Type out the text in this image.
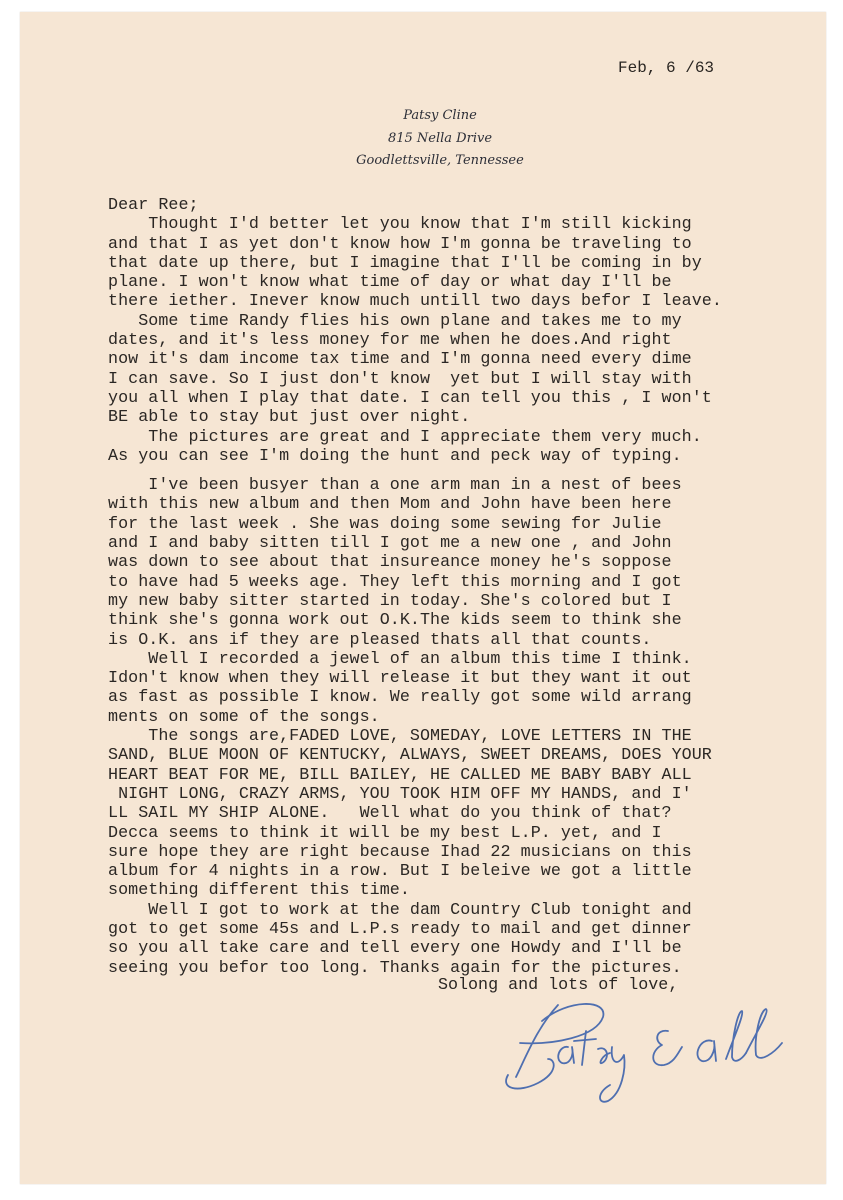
Feb, 6 /63
Patsy Cline
815 Nella Drive
Goodlettsville, Tennessee
Dear Ree;
Thought I'd better let you know that I'm still kicking
and that I as yet don't know how I'm gonna be traveling to
that date up there, but I imagine that I'll be coming in by
plane. I won't know what time of day or what day I'll be
there iether. Inever know much untill two days befor I leave.
Some time Randy flies his own plane and takes me to my
dates, and it's less money for me when he does.And right
now it's dam income tax time and I'm gonna need every dime
I can save. So I just don't know  yet but I will stay with
you all when I play that date. I can tell you this , I won't
BE able to stay but just over night.
The pictures are great and I appreciate them very much.
As you can see I'm doing the hunt and peck way of typing.
I've been busyer than a one arm man in a nest of bees
with this new album and then Mom and John have been here
for the last week . She was doing some sewing for Julie
and I and baby sitten till I got me a new one , and John
was down to see about that insureance money he's soppose
to have had 5 weeks age. They left this morning and I got
my new baby sitter started in today. She's colored but I
think she's gonna work out O.K.The kids seem to think she
is O.K. ans if they are pleased thats all that counts.
Well I recorded a jewel of an album this time I think.
Idon't know when they will release it but they want it out
as fast as possible I know. We really got some wild arrang
ments on some of the songs.
The songs are,FADED LOVE, SOMEDAY, LOVE LETTERS IN THE
SAND, BLUE MOON OF KENTUCKY, ALWAYS, SWEET DREAMS, DOES YOUR
HEART BEAT FOR ME, BILL BAILEY, HE CALLED ME BABY BABY ALL
NIGHT LONG, CRAZY ARMS, YOU TOOK HIM OFF MY HANDS, and I'
LL SAIL MY SHIP ALONE.   Well what do you think of that?
Decca seems to think it will be my best L.P. yet, and I
sure hope they are right because Ihad 22 musicians on this
album for 4 nights in a row. But I beleive we got a little
something different this time.
Well I got to work at the dam Country Club tonight and
got to get some 45s and L.P.s ready to mail and get dinner
so you all take care and tell every one Howdy and I'll be
seeing you befor too long. Thanks again for the pictures.
Solong and lots of love,
